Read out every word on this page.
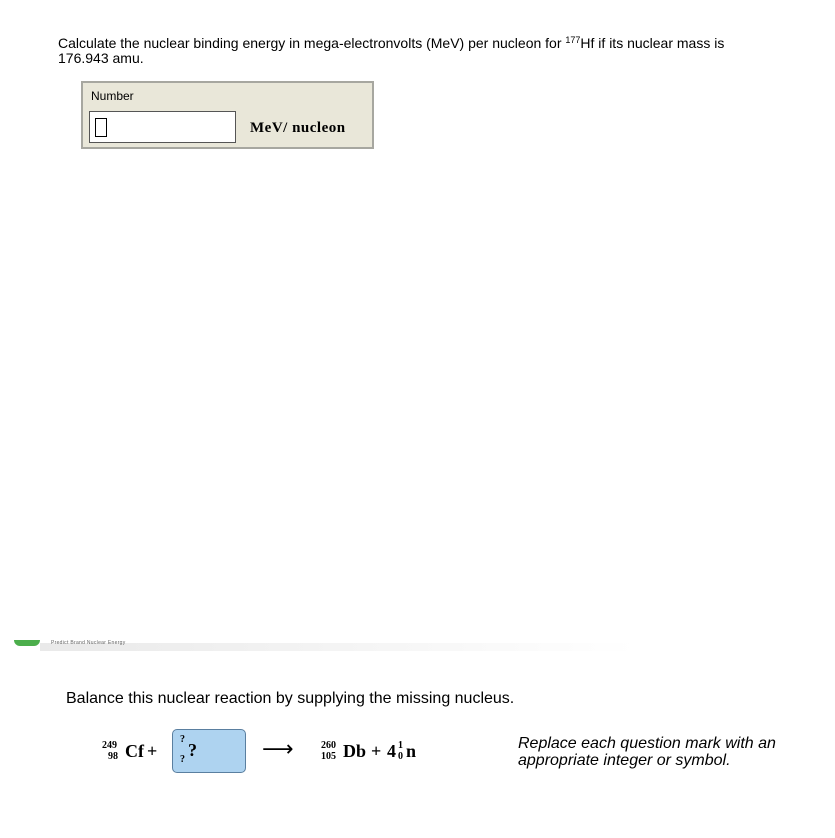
Calculate the nuclear binding energy in mega-electronvolts (MeV) per nucleon for $^{177}$Hf if its nuclear mass is 176.943 amu.
Number
MeV/ nucleon
Predict Brand Nuclear Energy
Balance this nuclear reaction by supplying the missing nucleus.
249
98 Cf +
?
? ?	⟶	260
105 Db + 4 1
0 n	Replace each question mark with an appropriate integer or symbol.
